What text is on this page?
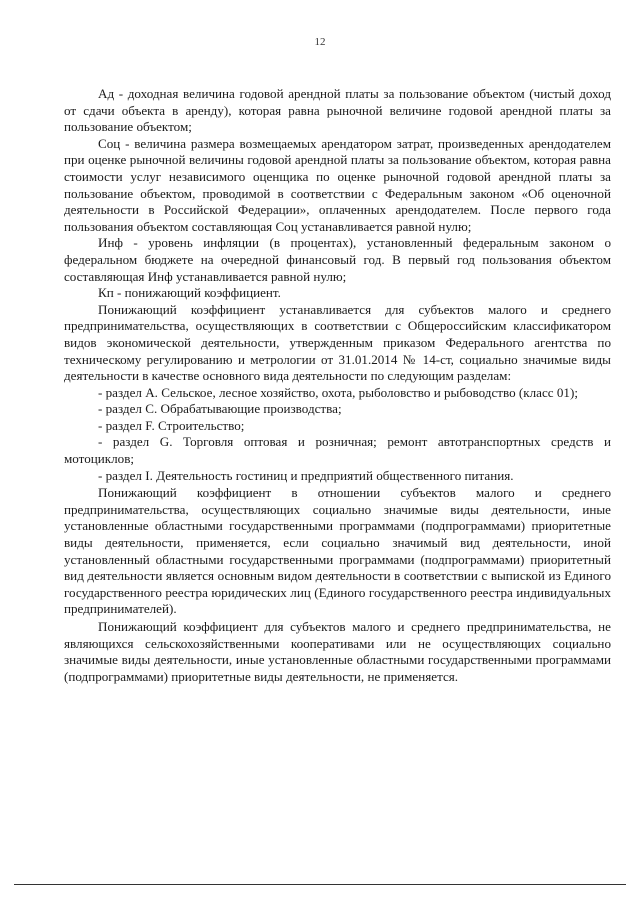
12

Ад - доходная величина годовой арендной платы за пользование объектом (чистый доход от сдачи объекта в аренду), которая равна рыночной величине годовой арендной платы за пользование объектом;

Соц - величина размера возмещаемых арендатором затрат, произведенных арендодателем при оценке рыночной величины годовой арендной платы за пользование объектом, которая равна стоимости услуг независимого оценщика по оценке рыночной годовой арендной платы за пользование объектом, проводимой в соответствии с Федеральным законом «Об оценочной деятельности в Российской Федерации», оплаченных арендодателем. После первого года пользования объектом составляющая Соц устанавливается равной нулю;

Инф - уровень инфляции (в процентах), установленный федеральным законом о федеральном бюджете на очередной финансовый год. В первый год пользования объектом составляющая Инф устанавливается равной нулю;

Кп - понижающий коэффициент.

Понижающий коэффициент устанавливается для субъектов малого и среднего предпринимательства, осуществляющих в соответствии с Общероссийским классификатором видов экономической деятельности, утвержденным приказом Федерального агентства по техническому регулированию и метрологии от 31.01.2014 № 14-ст, социально значимые виды деятельности в качестве основного вида деятельности по следующим разделам:

- раздел А. Сельское, лесное хозяйство, охота, рыболовство и рыбоводство (класс 01);

- раздел С. Обрабатывающие производства;

- раздел F. Строительство;

- раздел G. Торговля оптовая и розничная; ремонт автотранспортных средств и мотоциклов;

- раздел I. Деятельность гостиниц и предприятий общественного питания.

Понижающий коэффициент в отношении субъектов малого и среднего предпринимательства, осуществляющих социально значимые виды деятельности, иные установленные областными государственными программами (подпрограммами) приоритетные виды деятельности, применяется, если социально значимый вид деятельности, иной установленный областными государственными программами (подпрограммами) приоритетный вид деятельности является основным видом деятельности в соответствии с выпиской из Единого государственного реестра юридических лиц (Единого государственного реестра индивидуальных предпринимателей).

Понижающий коэффициент для субъектов малого и среднего предпринимательства, не являющихся сельскохозяйственными кооперативами или не осуществляющих социально значимые виды деятельности, иные установленные областными государственными программами (подпрограммами) приоритетные виды деятельности, не применяется.
